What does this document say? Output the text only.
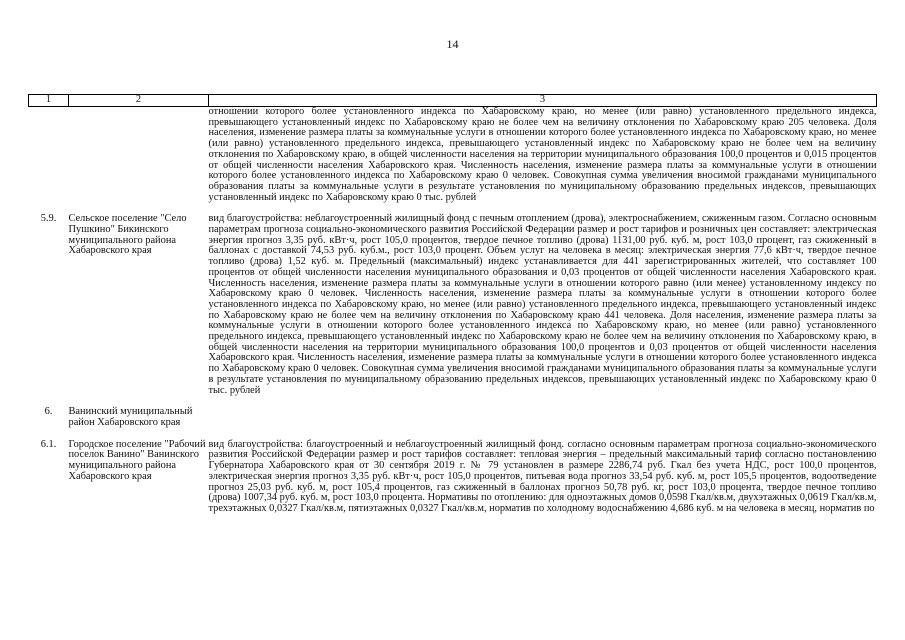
14
1	2	3
		отношении которого более установленного индекса по Хабаровскому краю, но менее (или равно) установленного предельного индекса, превышающего установленный индекс по Хабаровскому краю не более чем на величину отклонения по Хабаровскому краю 205 человека. Доля населения, изменение размера платы за коммунальные услуги в отношении которого более установленного индекса по Хабаровскому краю, но менее (или равно) установленного предельного индекса, превышающего установленный индекс по Хабаровскому краю не более чем на величину отклонения по Хабаровскому краю, в общей численности населения на территории муниципального образования 100,0 процентов и 0,015 процентов от общей численности населения Хабаровского края. Численность населения, изменение размера платы за коммунальные услуги в отношении которого более установленного индекса по Хабаровскому краю 0 человек. Совокупная сумма увеличения вносимой гражданами муниципального образования платы за коммунальные услуги в результате установления по муниципальному образованию предельных индексов, превышающих установленный индекс по Хабаровскому краю 0 тыс. рублей
5.9.	Сельское поселение "Село Пушкино" Бикинского муниципального района Хабаровского края	вид благоустройства: неблагоустроенный жилищный фонд с печным отоплением (дрова), электроснабжением, сжиженным газом. Согласно основным параметрам прогноза социально-экономического развития Российской Федерации размер и рост тарифов и розничных цен составляет: электрическая энергия прогноз 3,35 руб. кВт·ч, рост 105,0 процентов, твердое печное топливо (дрова) 1131,00 руб. куб. м, рост 103,0 процент, газ сжиженный в баллонах с доставкой 74,53 руб. куб.м., рост 103,0 процент. Объем услуг на человека в месяц: электрическая энергия 77,6 кВт·ч, твердое печное топливо (дрова) 1,52 куб. м. Предельный (максимальный) индекс устанавливается для 441 зарегистрированных жителей, что составляет 100 процентов от общей численности населения муниципального образования и 0,03 процентов от общей численности населения Хабаровского края. Численность населения, изменение размера платы за коммунальные услуги в отношении которого равно (или менее) установленному индексу по Хабаровскому краю 0 человек. Численность населения, изменение размера платы за коммунальные услуги в отношении которого более установленного индекса по Хабаровскому краю, но менее (или равно) установленного предельного индекса, превышающего установленный индекс по Хабаровскому краю не более чем на величину отклонения по Хабаровскому краю 441 человека. Доля населения, изменение размера платы за коммунальные услуги в отношении которого более установленного индекса по Хабаровскому краю, но менее (или равно) установленного предельного индекса, превышающего установленный индекс по Хабаровскому краю не более чем на величину отклонения по Хабаровскому краю, в общей численности населения на территории муниципального образования 100,0 процентов и 0,03 процентов от общей численности населения Хабаровского края. Численность населения, изменение размера платы за коммунальные услуги в отношении которого более установленного индекса по Хабаровскому краю 0 человек. Совокупная сумма увеличения вносимой гражданами муниципального образования платы за коммунальные услуги в результате установления по муниципальному образованию предельных индексов, превышающих установленный индекс по Хабаровскому краю 0 тыс. рублей
6.	Ванинский муниципальный район Хабаровского края	
6.1.	Городское поселение "Рабочий поселок Ванино" Ванинского муниципального района Хабаровского края	вид благоустройства: благоустроенный и неблагоустроенный жилищный фонд. согласно основным параметрам прогноза социально-экономического развития Российской Федерации размер и рост тарифов составляет: тепловая энергия – предельный максимальный тариф согласно постановлению Губернатора Хабаровского края от 30 сентября 2019 г. № 79 установлен в размере 2286,74 руб. Гкал без учета НДС, рост 100,0 процентов, электрическая энергия прогноз 3,35 руб. кВт·ч, рост 105,0 процентов, питьевая вода прогноз 33,54 руб. куб. м, рост 105,5 процентов, водоотведение прогноз 25,03 руб. куб. м, рост 105,4 процентов, газ сжиженный в баллонах прогноз 50,78 руб. кг, рост 103,0 процента, твердое печное топливо (дрова) 1007,34 руб. куб. м, рост 103,0 процента. Нормативы по отоплению: для одноэтажных домов 0,0598 Гкал/кв.м, двухэтажных 0,0619 Гкал/кв.м, трехэтажных 0,0327 Гкал/кв.м, пятиэтажных 0,0327 Гкал/кв.м, норматив по холодному водоснабжению 4,686 куб. м на человека в месяц, норматив по
